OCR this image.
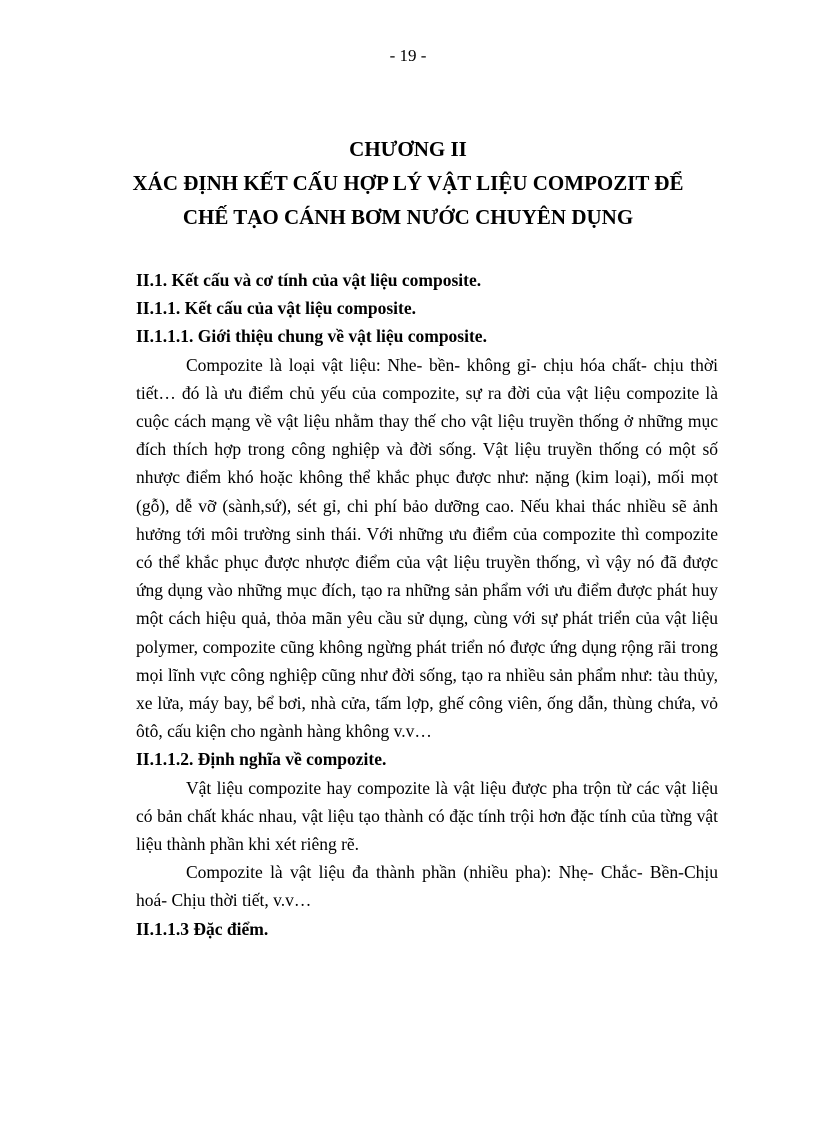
- 19 -
CHƯƠNG II
XÁC ĐỊNH KẾT CẤU HỢP LÝ VẬT LIỆU COMPOZIT ĐỂ
CHẾ TẠO CÁNH BƠM NƯỚC CHUYÊN DỤNG

II.1. Kết cấu và cơ tính của vật liệu composite.

II.1.1. Kết cấu của vật liệu composite.

II.1.1.1. Giới thiệu chung về vật liệu composite.

Compozite là loại vật liệu: Nhe- bền- không gỉ- chịu hóa chất- chịu thời tiết… đó là ưu điểm chủ yếu của compozite, sự ra đời của vật liệu compozite là cuộc cách mạng về vật liệu nhằm thay thế cho vật liệu truyền thống ở những mục đích thích hợp trong công nghiệp và đời sống. Vật liệu truyền thống có một số nhược điểm khó hoặc không thể khắc phục được như: nặng (kim loại), mối mọt (gỗ), dễ vỡ (sành,sứ), sét gỉ, chi phí bảo dưỡng cao. Nếu khai thác nhiều sẽ ảnh hưởng tới môi trường sinh thái. Với những ưu điểm của compozite thì compozite có thể khắc phục được nhược điểm của vật liệu truyền thống, vì vậy nó đã được ứng dụng vào những mục đích, tạo ra những sản phẩm với ưu điểm được phát huy một cách hiệu quả, thỏa mãn yêu cầu sử dụng, cùng với sự phát triển của vật liệu polymer, compozite cũng không ngừng phát triển nó được ứng dụng rộng rãi trong mọi lĩnh vực công nghiệp cũng như đời sống, tạo ra nhiều sản phẩm như: tàu thủy, xe lửa, máy bay, bể bơi, nhà cửa, tấm lợp, ghế công viên, ống dẫn, thùng chứa, vỏ ôtô, cấu kiện cho ngành hàng không v.v…

II.1.1.2. Định nghĩa về compozite.

Vật liệu compozite hay compozite là vật liệu được pha trộn từ các vật liệu có bản chất khác nhau, vật liệu tạo thành có đặc tính trội hơn đặc tính của từng vật liệu thành phần khi xét riêng rẽ.

Compozite là vật liệu đa thành phần (nhiều pha): Nhẹ- Chắc- Bền-Chịu hoá- Chịu thời tiết, v.v…

II.1.1.3 Đặc điểm.
